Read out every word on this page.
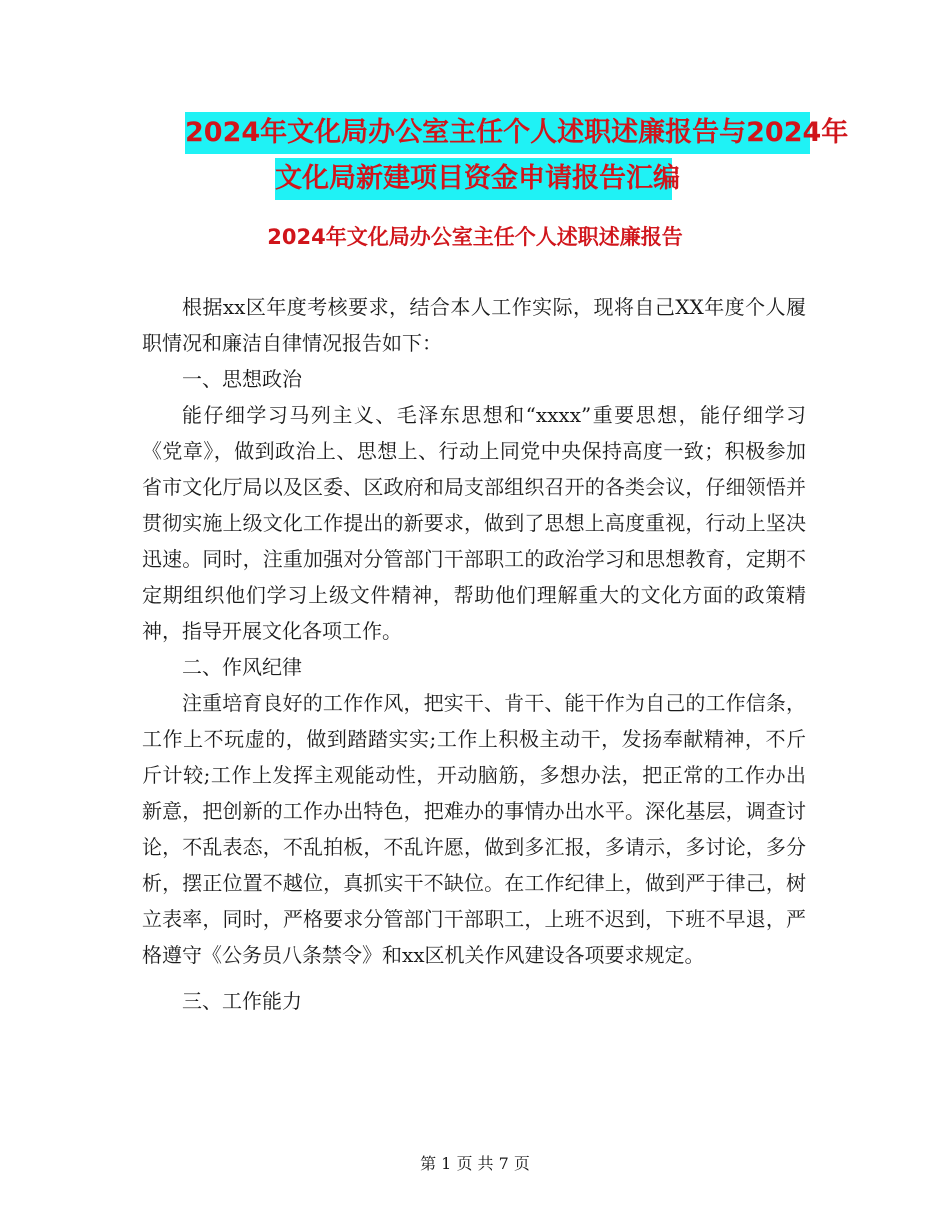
2024年文化局办公室主任个人述职述廉报告与2024年
文化局新建项目资金申请报告汇编
2024年文化局办公室主任个人述职述廉报告

根据xx区年度考核要求，结合本人工作实际，现将自己XX年度个人履职情况和廉洁自律情况报告如下：

一、思想政治

能仔细学习马列主义、毛泽东思想和“xxxx”重要思想，能仔细学习《党章》，做到政治上、思想上、行动上同党中央保持高度一致；积极参加省市文化厅局以及区委、区政府和局支部组织召开的各类会议，仔细领悟并贯彻实施上级文化工作提出的新要求，做到了思想上高度重视，行动上坚决迅速。同时，注重加强对分管部门干部职工的政治学习和思想教育，定期不定期组织他们学习上级文件精神，帮助他们理解重大的文化方面的政策精神，指导开展文化各项工作。

二、作风纪律

注重培育良好的工作作风，把实干、肯干、能干作为自己的工作信条，工作上不玩虚的，做到踏踏实实;工作上积极主动干，发扬奉献精神，不斤斤计较;工作上发挥主观能动性，开动脑筋，多想办法，把正常的工作办出新意，把创新的工作办出特色，把难办的事情办出水平。深化基层，调查讨论，不乱表态，不乱拍板，不乱许愿，做到多汇报，多请示，多讨论，多分析，摆正位置不越位，真抓实干不缺位。在工作纪律上，做到严于律己，树立表率，同时，严格要求分管部门干部职工，上班不迟到，下班不早退，严格遵守《公务员八条禁令》和xx区机关作风建设各项要求规定。

三、工作能力

第 1 页 共 7 页
